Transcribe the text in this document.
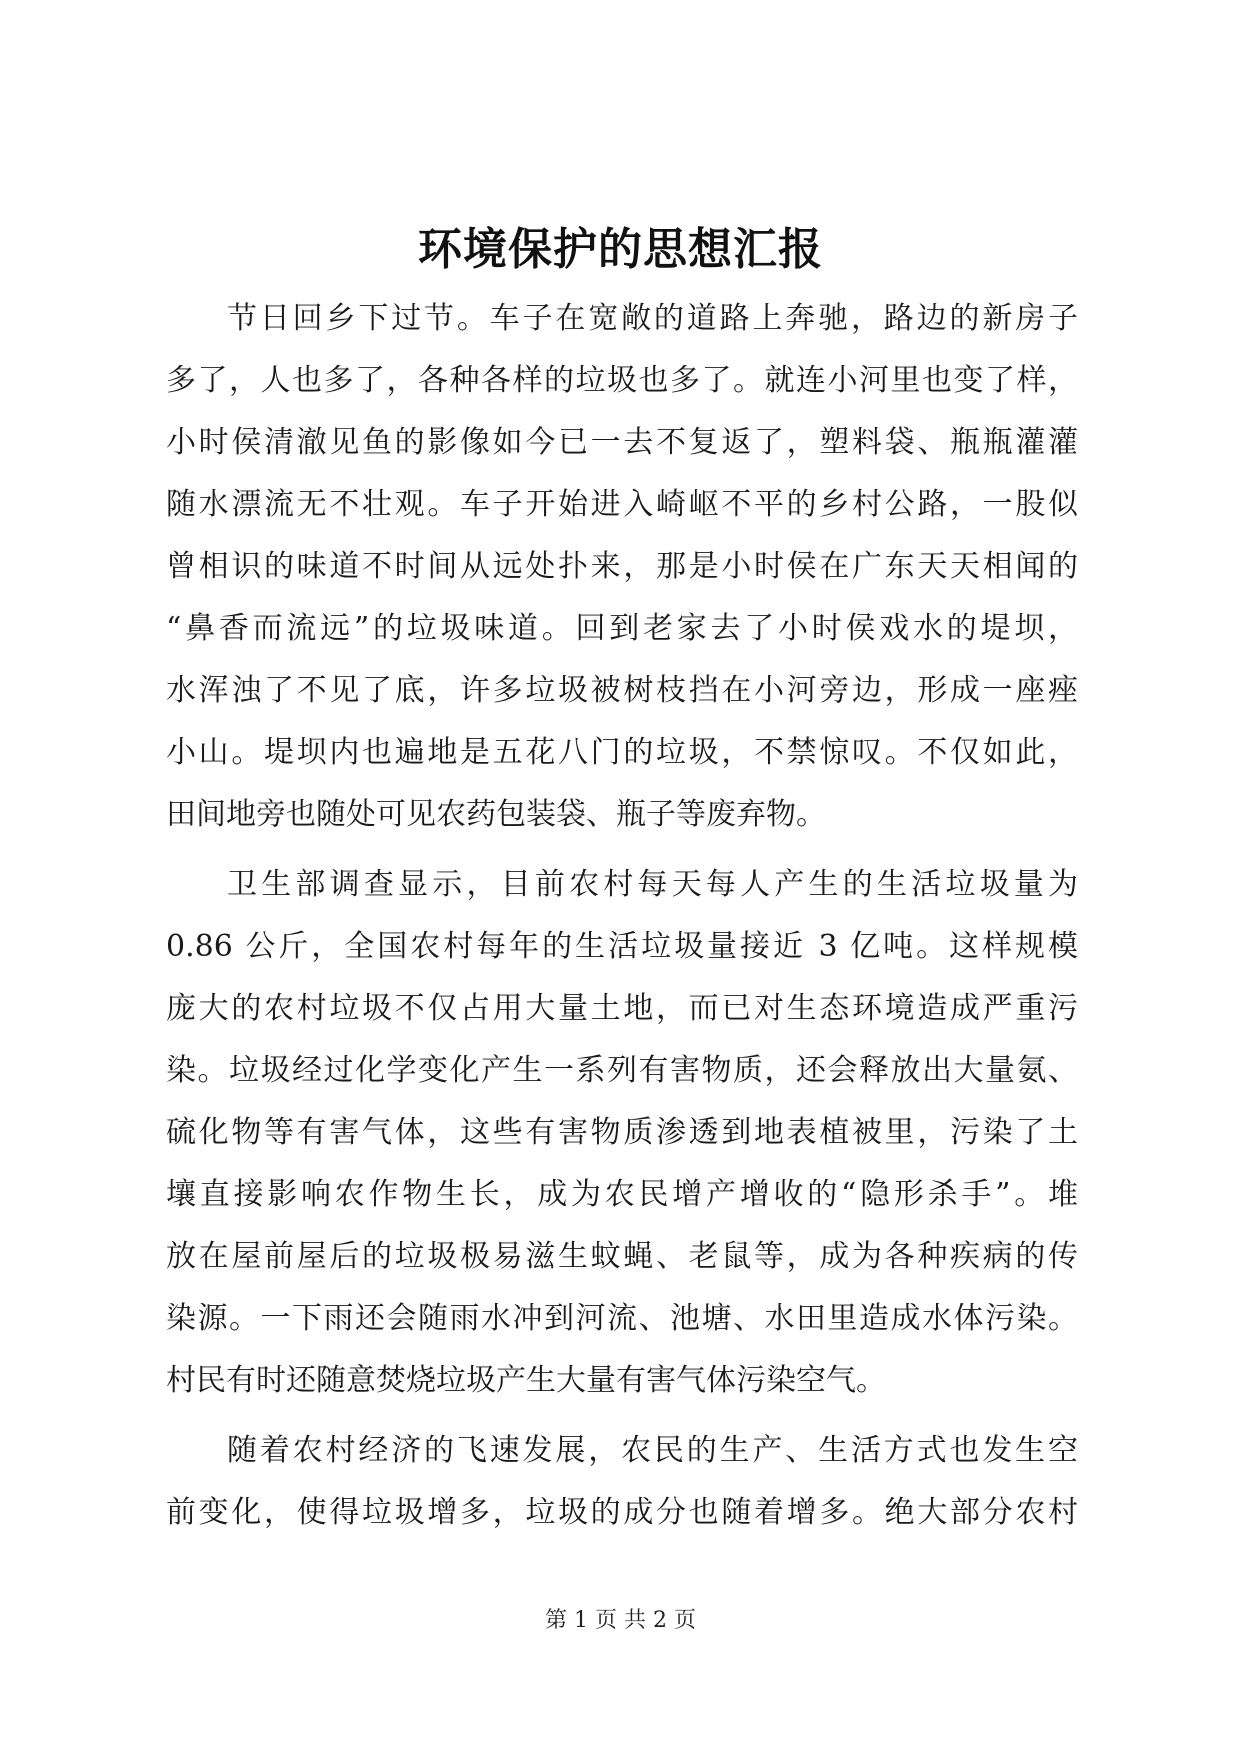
环境保护的思想汇报
节日回乡下过节。车子在宽敞的道路上奔驰，路边的新房子
多了，人也多了，各种各样的垃圾也多了。就连小河里也变了样，
小时侯清澈见鱼的影像如今已一去不复返了，塑料袋、瓶瓶灌灌
随水漂流无不壮观。车子开始进入崎岖不平的乡村公路，一股似
曾相识的味道不时间从远处扑来，那是小时侯在广东天天相闻的
“鼻香而流远”的垃圾味道。回到老家去了小时侯戏水的堤坝，
水浑浊了不见了底，许多垃圾被树枝挡在小河旁边，形成一座痤
小山。堤坝内也遍地是五花八门的垃圾，不禁惊叹。不仅如此，
田间地旁也随处可见农药包装袋、瓶子等废弃物。
卫生部调查显示，目前农村每天每人产生的生活垃圾量为
0.86 公斤，全国农村每年的生活垃圾量接近 3 亿吨。这样规模
庞大的农村垃圾不仅占用大量土地，而已对生态环境造成严重污
染。垃圾经过化学变化产生一系列有害物质，还会释放出大量氨、
硫化物等有害气体，这些有害物质渗透到地表植被里，污染了土
壤直接影响农作物生长，成为农民增产增收的“隐形杀手”。堆
放在屋前屋后的垃圾极易滋生蚊蝇、老鼠等，成为各种疾病的传
染源。一下雨还会随雨水冲到河流、池塘、水田里造成水体污染。
村民有时还随意焚烧垃圾产生大量有害气体污染空气。
随着农村经济的飞速发展，农民的生产、生活方式也发生空
前变化，使得垃圾增多，垃圾的成分也随着增多。绝大部分农村
第 1 页 共 2 页
